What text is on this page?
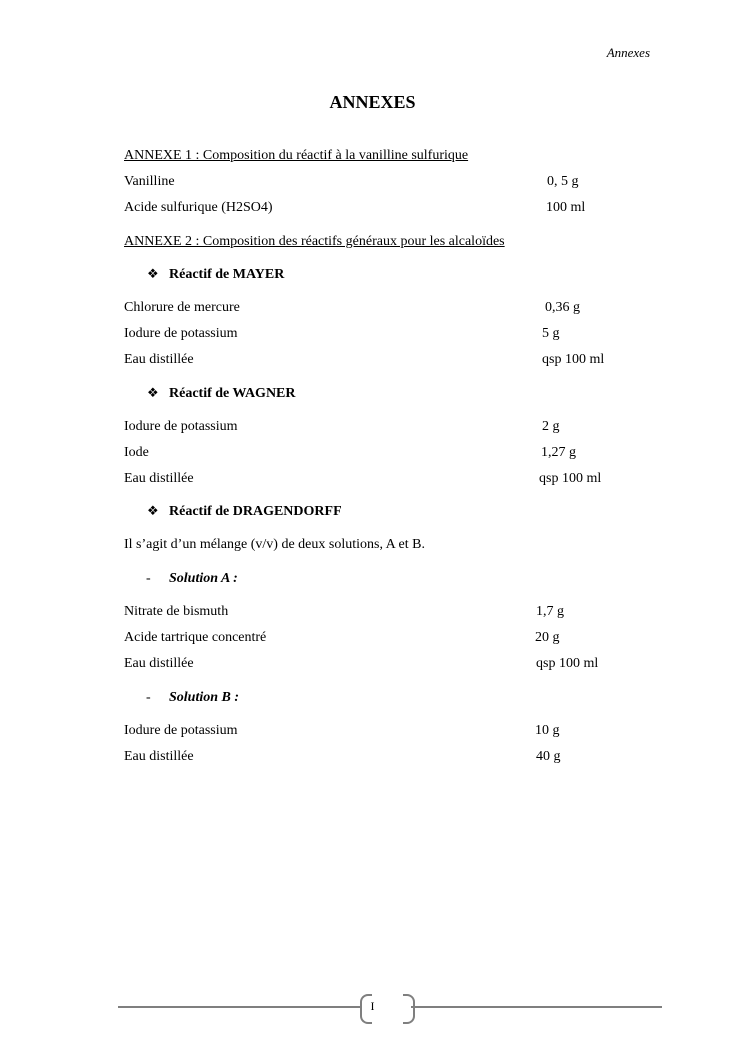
Annexes
ANNEXES
ANNEXE 1 : Composition du réactif à la vanilline sulfurique
Vanilline	0, 5 g
Acide sulfurique (H2SO4)	100 ml
ANNEXE 2 : Composition des réactifs généraux pour les alcaloïdes
❖ Réactif de MAYER
Chlorure de mercure	0,36 g
Iodure de potassium	5 g
Eau distillée	qsp 100 ml
❖ Réactif de WAGNER
Iodure de potassium	2 g
Iode	1,27 g
Eau distillée	qsp 100 ml
❖ Réactif de DRAGENDORFF
Il s’agit d’un mélange (v/v) de deux solutions, A et B.
- Solution A :
Nitrate de bismuth	1,7 g
Acide tartrique concentré	20 g
Eau distillée	qsp 100 ml
- Solution B :
Iodure de potassium	10 g
Eau distillée	40 g
I
